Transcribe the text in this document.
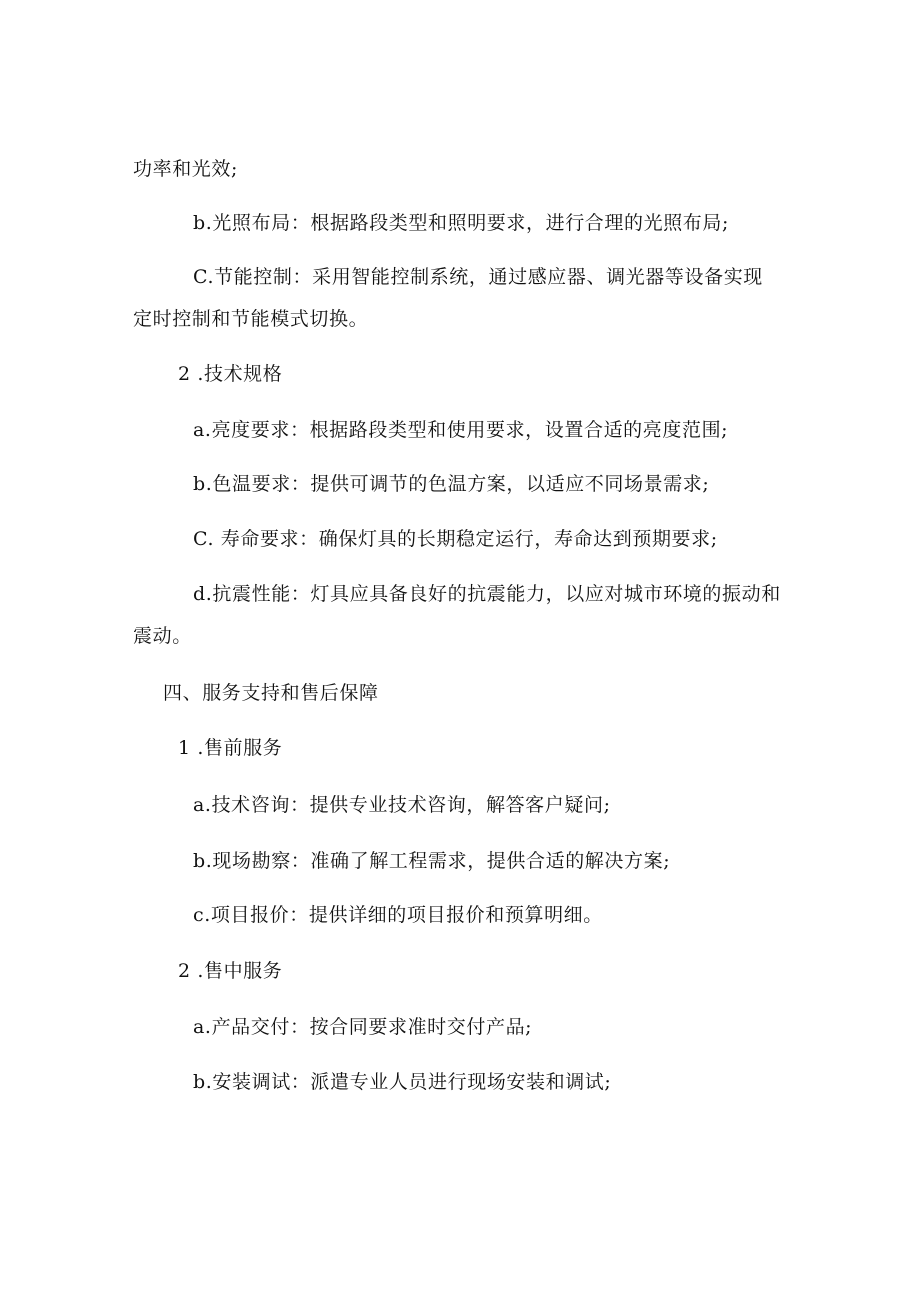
功率和光效;

b.光照布局：根据路段类型和照明要求，进行合理的光照布局;

C.节能控制：采用智能控制系统，通过感应器、调光器等设备实现

定时控制和节能模式切换。

2 .技术规格

a.亮度要求：根据路段类型和使用要求，设置合适的亮度范围;

b.色温要求：提供可调节的色温方案，以适应不同场景需求;

C. 寿命要求：确保灯具的长期稳定运行，寿命达到预期要求;

d.抗震性能：灯具应具备良好的抗震能力，以应对城市环境的振动和

震动。

四、服务支持和售后保障

1 .售前服务

a.技术咨询：提供专业技术咨询，解答客户疑问;

b.现场勘察：准确了解工程需求，提供合适的解决方案;

c.项目报价：提供详细的项目报价和预算明细。

2 .售中服务

a.产品交付：按合同要求准时交付产品;

b.安装调试：派遣专业人员进行现场安装和调试;
